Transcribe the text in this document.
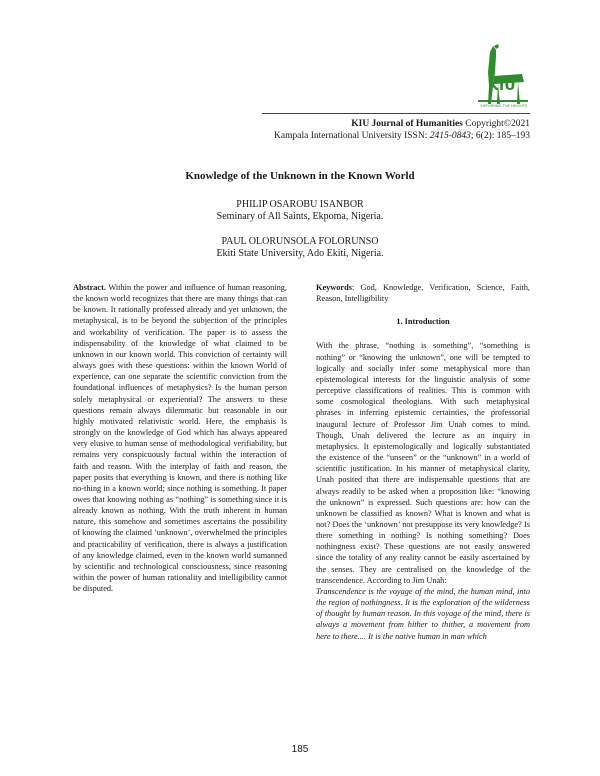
KIU
EXPLORING THE HEIGHTS
KIU Journal of Humanities Copyright©2021
Kampala International University ISSN: 2415-0843; 6(2): 185–193
Knowledge of the Unknown in the Known World
PHILIP OSAROBU ISANBOR
Seminary of All Saints, Ekpoma, Nigeria.
PAUL OLORUNSOLA FOLORUNSO
Ekiti State University, Ado Ekiti, Nigeria.

Abstract. Within the power and influence of human reasoning, the known world recognizes that there are many things that can be known. It rationally professed already and yet unknown, the metaphysical, is to be beyond the subjection of the principles and workability of verification. The paper is to assess the indispensability of the knowledge of what claimed to be unknown in our known world. This conviction of certainty will always goes with these questions: within the known World of experience, can one separate the scientific conviction from the foundational influences of metaphysics? Is the human person solely metaphysical or experiential? The answers to these questions remain always dilemmatic but reasonable in our highly motivated relativistic world. Here, the emphasis is strongly on the knowledge of God which has always appeared very elusive to human sense of methodological verifiability, but remains very conspicuously factual within the interaction of faith and reason. With the interplay of faith and reason, the paper posits that everything is known, and there is nothing like no-thing in a known world; since nothing is something. It paper owes that knowing nothing as “nothing” is something since it is already known as nothing. With the truth inherent in human nature, this somehow and sometimes ascertains the possibility of knowing the claimed ‘unknown’, overwhelmed the principles and practicability of verification, there is always a justification of any knowledge claimed, even in the known world sumanned by scientific and technological consciousness, since reasoning within the power of human rationality and intelligibility cannot be disputed.

Keywords: God, Knowledge, Verification, Science, Faith, Reason, Intelligibility

1. Introduction

With the phrase, “nothing is something”, “something is nothing” or “knowing the unknown”, one will be tempted to logically and socially infer some metaphysical more than epistemological interests for the linguistic analysis of some perceptive classifications of realities. This is common with some cosmological theologians. With such metaphysical phrases in inferring epistemic certainties, the professorial inaugural lecture of Professor Jim Unah comes to mind. Though, Unah delivered the lecture as an inquiry in metaphysics. It epistemologically and logically substantiated the existence of the “unseen” or the “unknown” in a world of scientific justification. In his manner of metaphysical clarity, Unah posited that there are indispensable questions that are always readily to be asked when a proposition like: “knowing the unknown” is expressed. Such questions are: how can the unknown be classified as known? What is known and what is not? Does the ‘unknown’ not presuppose its very knowledge? Is there something in nothing? Is nothing something? Does nothingness exist? These questions are not easily answered since the totality of any reality cannot be easily ascertained by the senses. They are centralised on the knowledge of the transcendence. According to Jim Unah:

Transcendence is the voyage of the mind, the human mind, into the region of nothingness. It is the exploration of the wilderness of thought by human reason. In this voyage of the mind, there is always a movement from hither to thither, a movement from here to there.... It is the native human in man which

185
